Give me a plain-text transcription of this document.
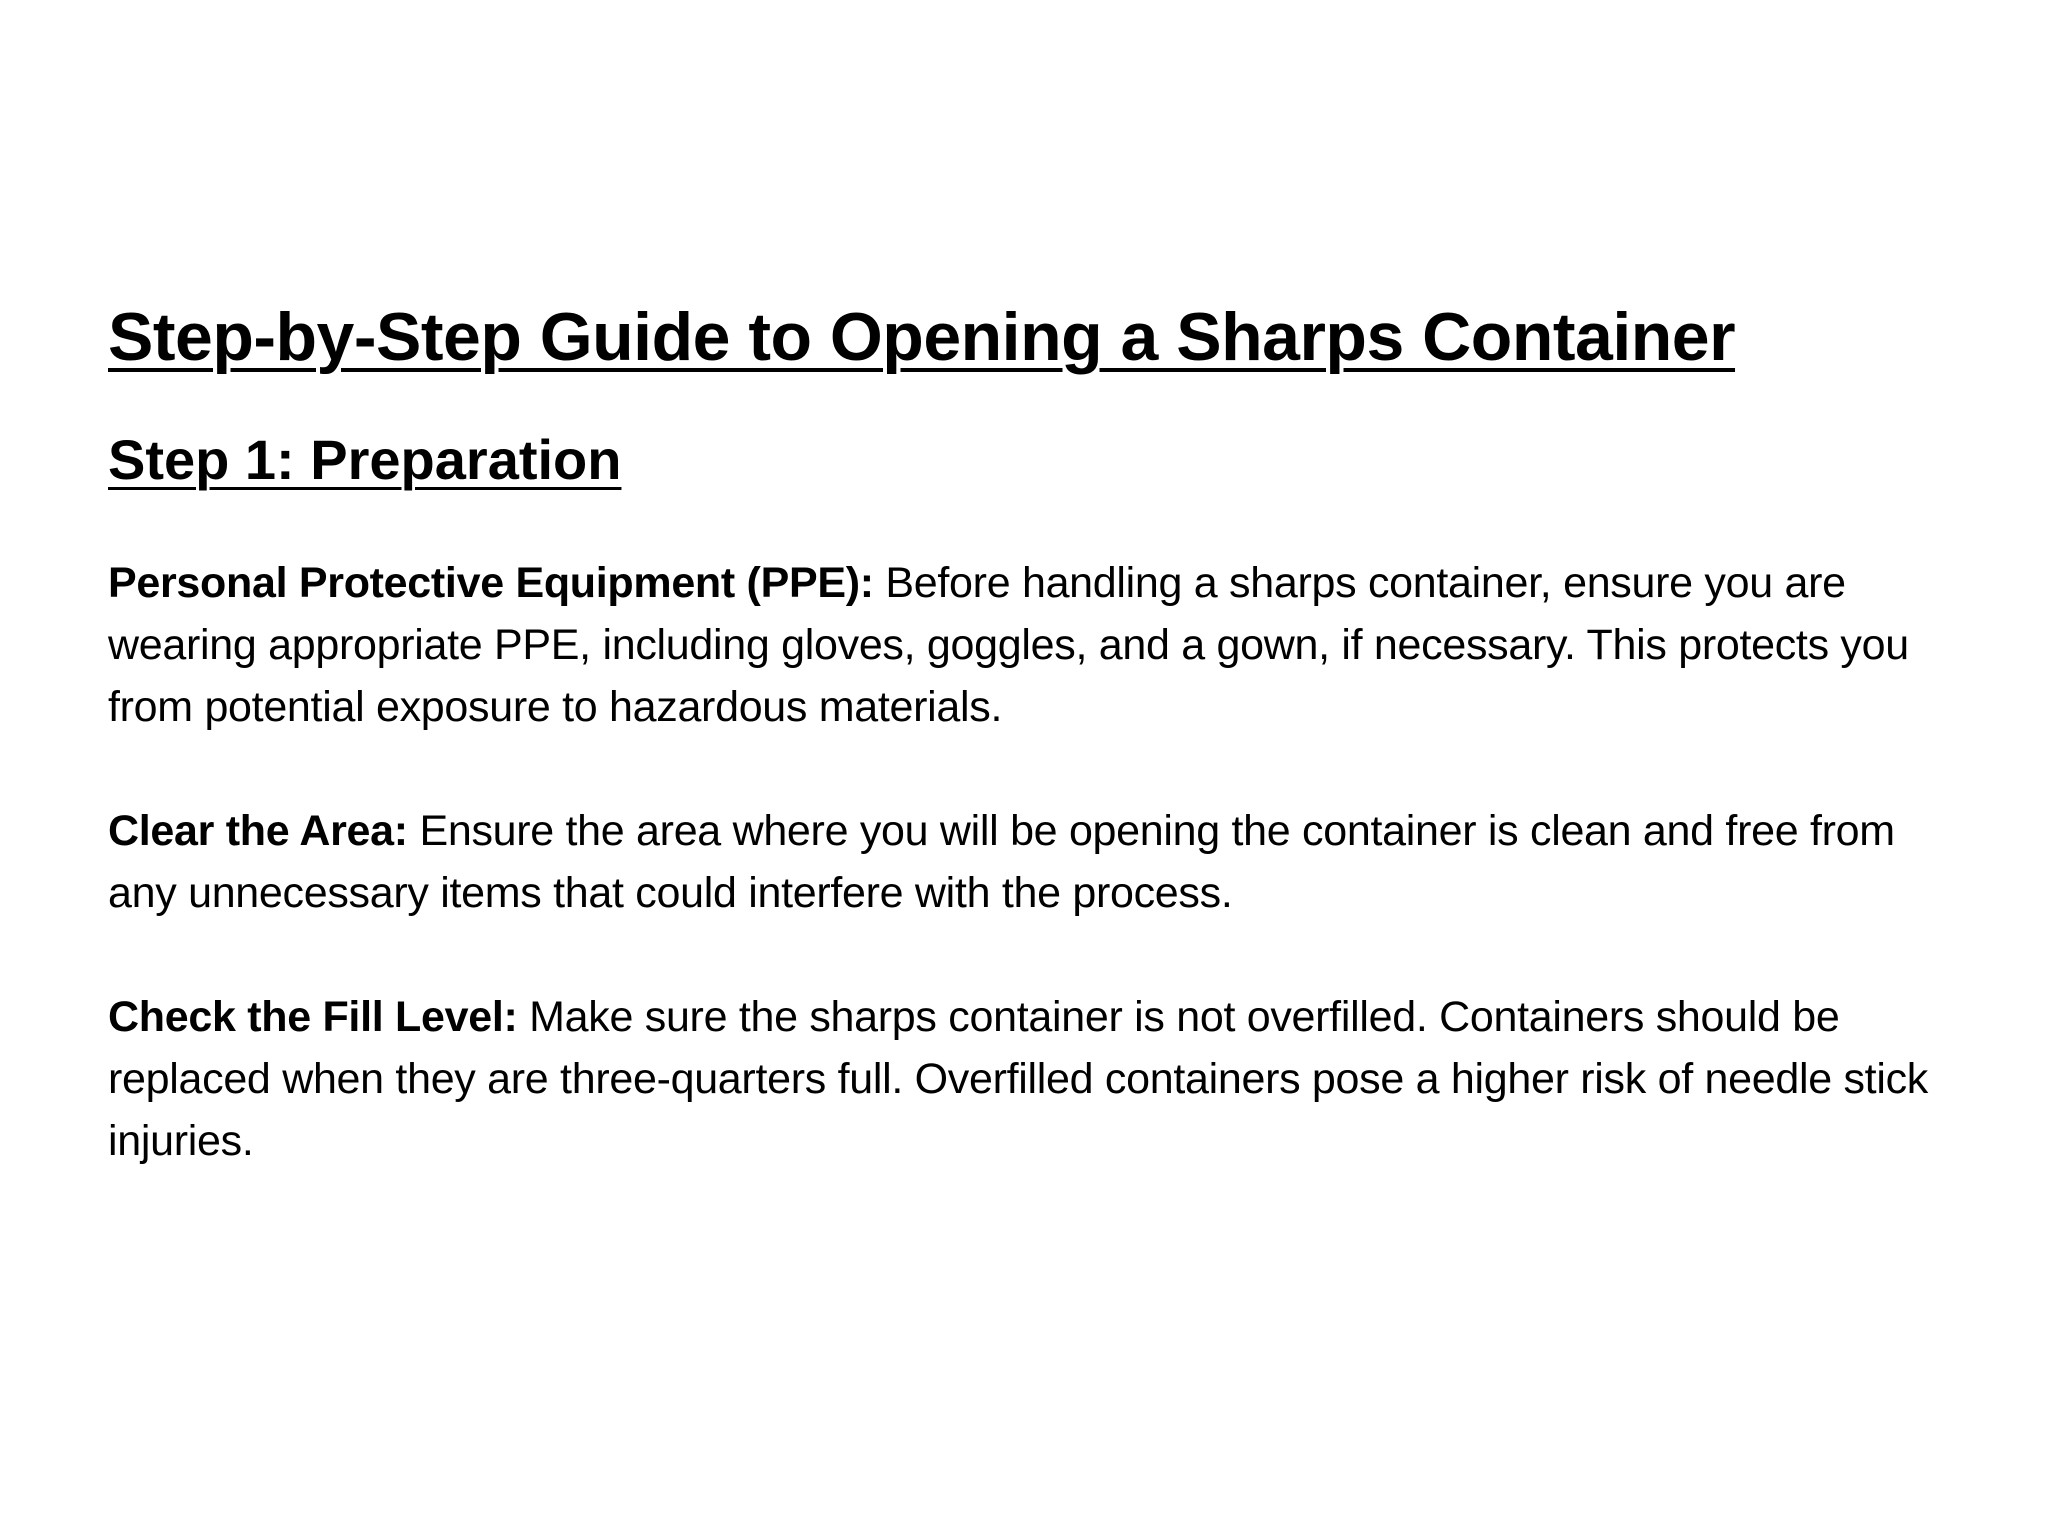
Step-by-Step Guide to Opening a Sharps Container
Step 1: Preparation

Personal Protective Equipment (PPE): Before handling a sharps container, ensure you are wearing appropriate PPE, including gloves, goggles, and a gown, if necessary. This protects you from potential exposure to hazardous materials.

Clear the Area: Ensure the area where you will be opening the container is clean and free from any unnecessary items that could interfere with the process.

Check the Fill Level: Make sure the sharps container is not overfilled. Containers should be replaced when they are three-quarters full. Overfilled containers pose a higher risk of needle stick injuries.
